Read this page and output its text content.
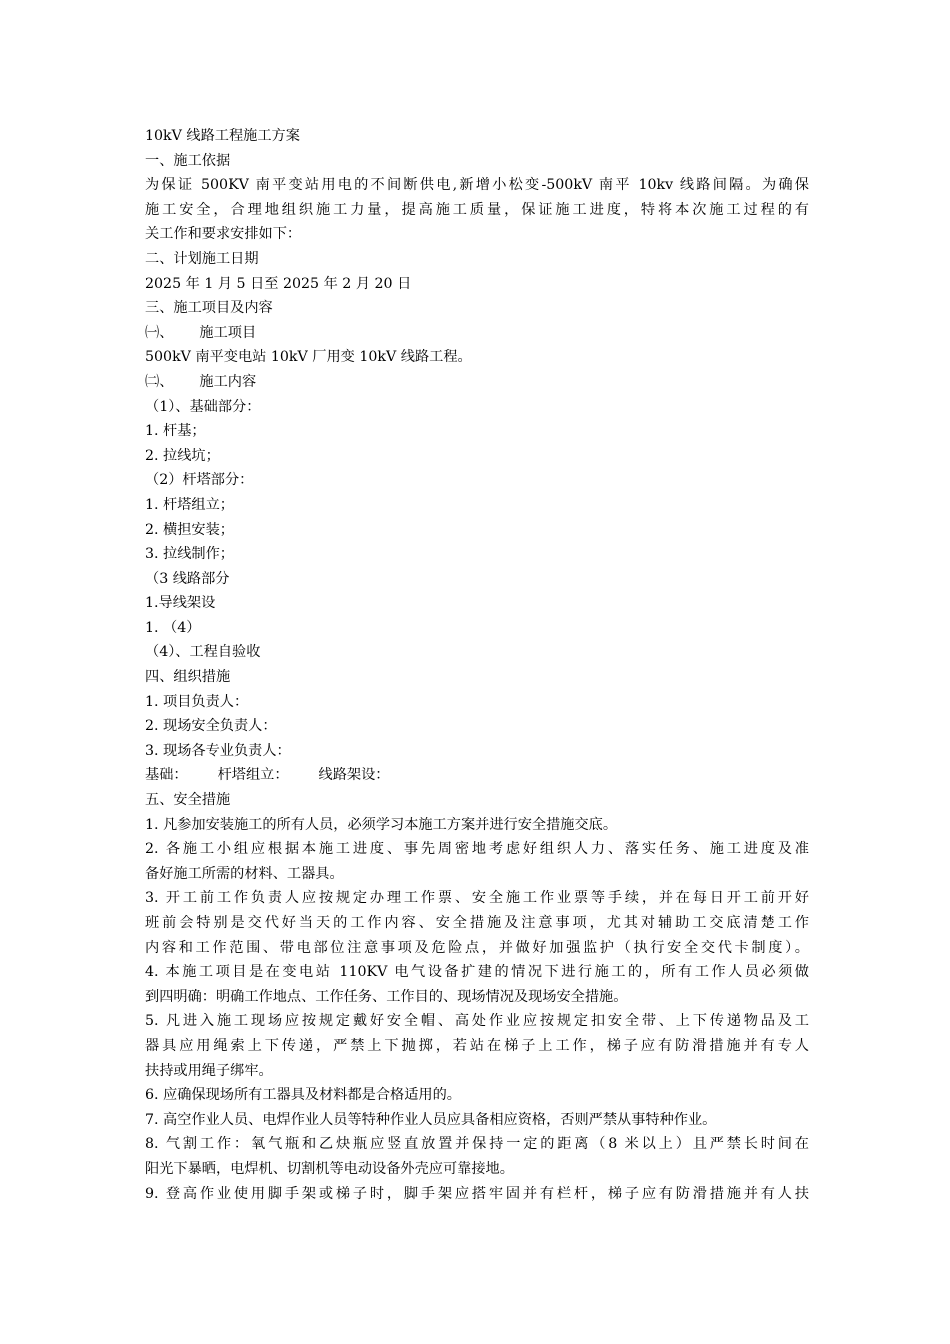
10kV 线路工程施工方案
一、施工依据
为保证 500KV 南平变站用电的不间断供电,新增小松变-500kV 南平 10kv 线路间隔。为确保
施工安全，合理地组织施工力量，提高施工质量，保证施工进度，特将本次施工过程的有
关工作和要求安排如下：
二、计划施工日期
2025 年 1 月 5 日至 2025 年 2 月 20 日
三、施工项目及内容
㈠、 施工项目
500kV 南平变电站 10kV 厂用变 10kV 线路工程。
㈡、 施工内容
（1）、基础部分：
1. 杆基；
2. 拉线坑；
（2）杆塔部分：
1. 杆塔组立；
2. 横担安装；
3. 拉线制作；
（3 线路部分
1.导线架设
1. （4）
（4）、工程自验收
四、组织措施
1. 项目负责人：
2. 现场安全负责人：
3. 现场各专业负责人：
基础： 杆塔组立： 线路架设：
五、安全措施
1. 凡参加安装施工的所有人员，必须学习本施工方案并进行安全措施交底。
2. 各施工小组应根据本施工进度、事先周密地考虑好组织人力、落实任务、施工进度及准
备好施工所需的材料、工器具。
3. 开工前工作负责人应按规定办理工作票、安全施工作业票等手续，并在每日开工前开好
班前会特别是交代好当天的工作内容、安全措施及注意事项，尤其对辅助工交底清楚工作
内容和工作范围、带电部位注意事项及危险点，并做好加强监护（执行安全交代卡制度）。
4. 本施工项目是在变电站 110KV 电气设备扩建的情况下进行施工的，所有工作人员必须做
到四明确：明确工作地点、工作任务、工作目的、现场情况及现场安全措施。
5. 凡进入施工现场应按规定戴好安全帽、高处作业应按规定扣安全带、上下传递物品及工
器具应用绳索上下传递，严禁上下抛掷，若站在梯子上工作，梯子应有防滑措施并有专人
扶持或用绳子绑牢。
6. 应确保现场所有工器具及材料都是合格适用的。
7. 高空作业人员、电焊作业人员等特种作业人员应具备相应资格，否则严禁从事特种作业。
8. 气割工作：氧气瓶和乙炔瓶应竖直放置并保持一定的距离（8 米以上）且严禁长时间在
阳光下暴晒，电焊机、切割机等电动设备外壳应可靠接地。
9. 登高作业使用脚手架或梯子时，脚手架应搭牢固并有栏杆，梯子应有防滑措施并有人扶
